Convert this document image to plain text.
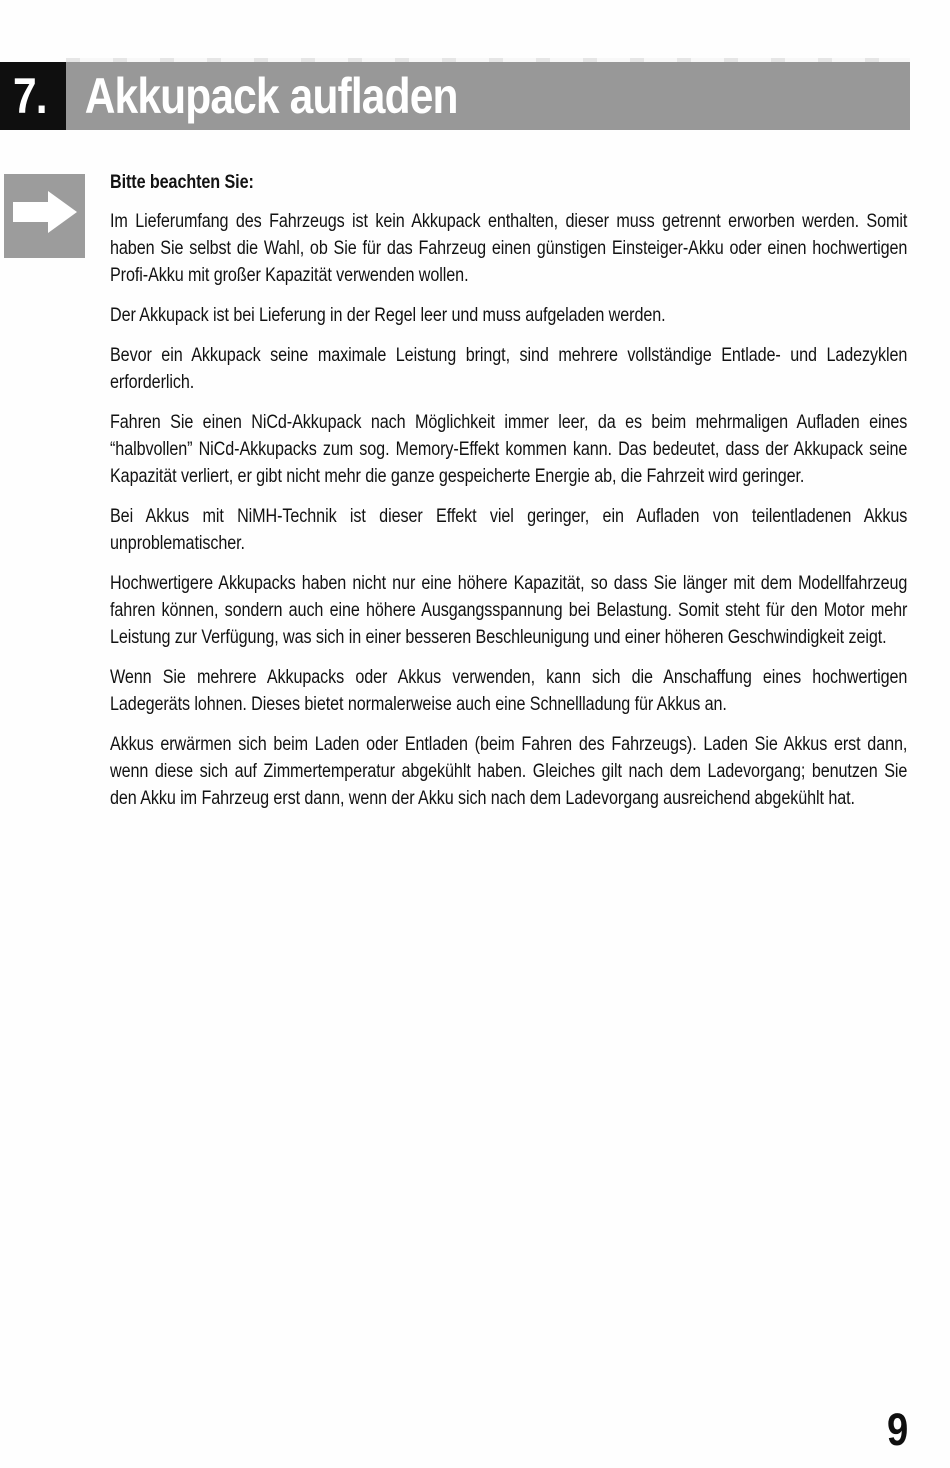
7. Akkupack aufladen
Bitte beachten Sie:

Im Lieferumfang des Fahrzeugs ist kein Akkupack enthalten, dieser muss getrennt erworben werden. Somit haben Sie selbst die Wahl, ob Sie für das Fahrzeug einen günstigen Einsteiger-Akku oder einen hochwertigen Profi-Akku mit großer Kapazität verwenden wollen.

Der Akkupack ist bei Lieferung in der Regel leer und muss aufgeladen werden.

Bevor ein Akkupack seine maximale Leistung bringt, sind mehrere vollständige Entlade- und Ladezyklen erforderlich.

Fahren Sie einen NiCd-Akkupack nach Möglichkeit immer leer, da es beim mehrmaligen Aufladen eines “halbvollen” NiCd-Akkupacks zum sog. Memory-Effekt kommen kann. Das bedeutet, dass der Akkupack seine Kapazität verliert, er gibt nicht mehr die ganze gespeicherte Energie ab, die Fahrzeit wird geringer.

Bei Akkus mit NiMH-Technik ist dieser Effekt viel geringer, ein Aufladen von teilentladenen Akkus unproblematischer.

Hochwertigere Akkupacks haben nicht nur eine höhere Kapazität, so dass Sie länger mit dem Modellfahrzeug fahren können, sondern auch eine höhere Ausgangsspannung bei Belastung. Somit steht für den Motor mehr Leistung zur Verfügung, was sich in einer besseren Beschleunigung und einer höheren Geschwindigkeit zeigt.

Wenn Sie mehrere Akkupacks oder Akkus verwenden, kann sich die Anschaffung eines hochwertigen Ladegeräts lohnen. Dieses bietet normalerweise auch eine Schnellladung für Akkus an.

Akkus erwärmen sich beim Laden oder Entladen (beim Fahren des Fahrzeugs). Laden Sie Akkus erst dann, wenn diese sich auf Zimmertemperatur abgekühlt haben. Gleiches gilt nach dem Ladevorgang; benutzen Sie den Akku im Fahrzeug erst dann, wenn der Akku sich nach dem Ladevorgang ausreichend abgekühlt hat.

9
